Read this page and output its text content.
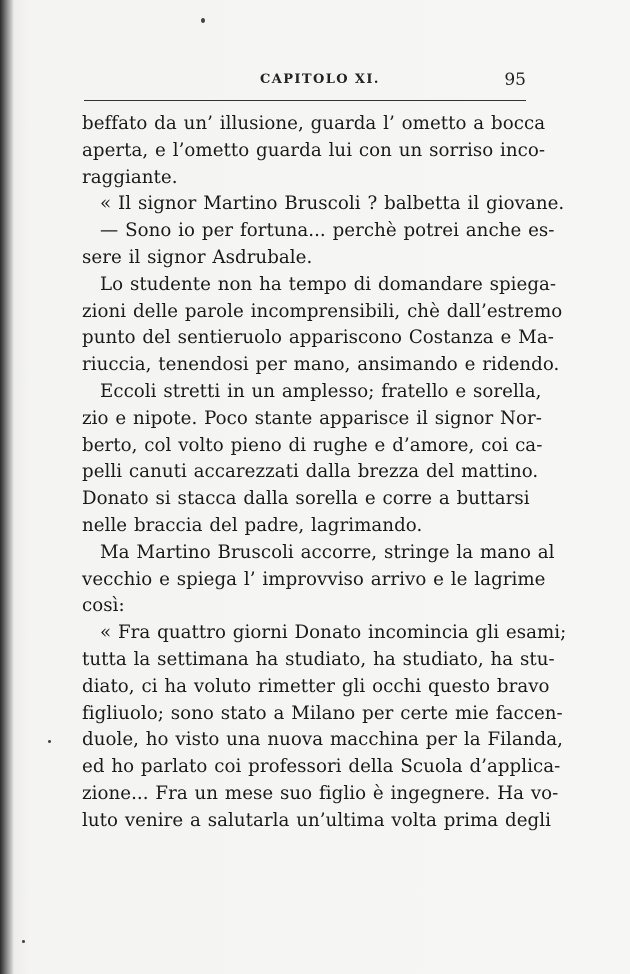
CAPITOLO XI.	95
beffato da un’ illusione, guarda l’ ometto a bocca
aperta, e l’ometto guarda lui con un sorriso inco-
raggiante.
« Il signor Martino Bruscoli ? balbetta il giovane.
— Sono io per fortuna... perchè potrei anche es-
sere il signor Asdrubale.
Lo studente non ha tempo di domandare spiega-
zioni delle parole incomprensibili, chè dall’estremo
punto del sentieruolo appariscono Costanza e Ma-
riuccia, tenendosi per mano, ansimando e ridendo.
Eccoli stretti in un amplesso; fratello e sorella,
zio e nipote. Poco stante apparisce il signor Nor-
berto, col volto pieno di rughe e d’amore, coi ca-
pelli canuti accarezzati dalla brezza del mattino.
Donato si stacca dalla sorella e corre a buttarsi
nelle braccia del padre, lagrimando.
Ma Martino Bruscoli accorre, stringe la mano al
vecchio e spiega l’ improvviso arrivo e le lagrime
così:
« Fra quattro giorni Donato incomincia gli esami;
tutta la settimana ha studiato, ha studiato, ha stu-
diato, ci ha voluto rimetter gli occhi questo bravo
figliuolo; sono stato a Milano per certe mie faccen-
duole, ho visto una nuova macchina per la Filanda,
ed ho parlato coi professori della Scuola d’applica-
zione... Fra un mese suo figlio è ingegnere. Ha vo-
luto venire a salutarla un’ultima volta prima degli
